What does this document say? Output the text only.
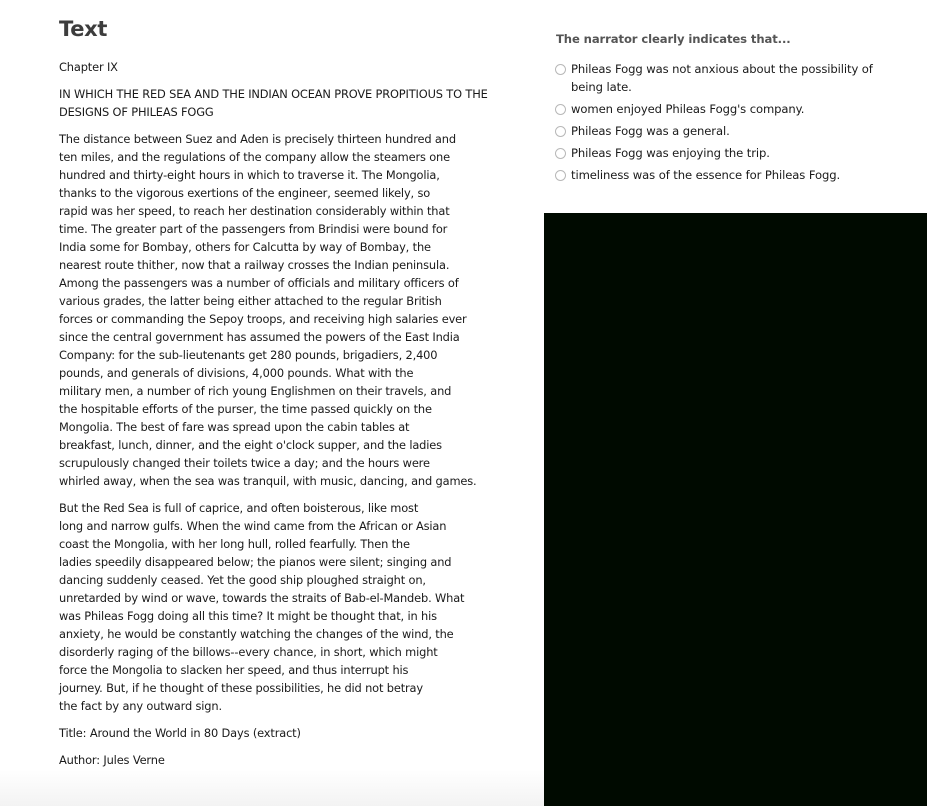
Text

Chapter IX

IN WHICH THE RED SEA AND THE INDIAN OCEAN PROVE PROPITIOUS TO THE
DESIGNS OF PHILEAS FOGG

The distance between Suez and Aden is precisely thirteen hundred and
ten miles, and the regulations of the company allow the steamers one
hundred and thirty-eight hours in which to traverse it. The Mongolia,
thanks to the vigorous exertions of the engineer, seemed likely, so
rapid was her speed, to reach her destination considerably within that
time. The greater part of the passengers from Brindisi were bound for
India some for Bombay, others for Calcutta by way of Bombay, the
nearest route thither, now that a railway crosses the Indian peninsula.
Among the passengers was a number of officials and military officers of
various grades, the latter being either attached to the regular British
forces or commanding the Sepoy troops, and receiving high salaries ever
since the central government has assumed the powers of the East India
Company: for the sub-lieutenants get 280 pounds, brigadiers, 2,400
pounds, and generals of divisions, 4,000 pounds. What with the
military men, a number of rich young Englishmen on their travels, and
the hospitable efforts of the purser, the time passed quickly on the
Mongolia. The best of fare was spread upon the cabin tables at
breakfast, lunch, dinner, and the eight o'clock supper, and the ladies
scrupulously changed their toilets twice a day; and the hours were
whirled away, when the sea was tranquil, with music, dancing, and games.

But the Red Sea is full of caprice, and often boisterous, like most
long and narrow gulfs. When the wind came from the African or Asian
coast the Mongolia, with her long hull, rolled fearfully. Then the
ladies speedily disappeared below; the pianos were silent; singing and
dancing suddenly ceased. Yet the good ship ploughed straight on,
unretarded by wind or wave, towards the straits of Bab-el-Mandeb. What
was Phileas Fogg doing all this time? It might be thought that, in his
anxiety, he would be constantly watching the changes of the wind, the
disorderly raging of the billows--every chance, in short, which might
force the Mongolia to slacken her speed, and thus interrupt his
journey. But, if he thought of these possibilities, he did not betray
the fact by any outward sign.

Title: Around the World in 80 Days (extract)

Author: Jules Verne

The narrator clearly indicates that...
Phileas Fogg was not anxious about the possibility of
being late.
women enjoyed Phileas Fogg's company.
Phileas Fogg was a general.
Phileas Fogg was enjoying the trip.
timeliness was of the essence for Phileas Fogg.
